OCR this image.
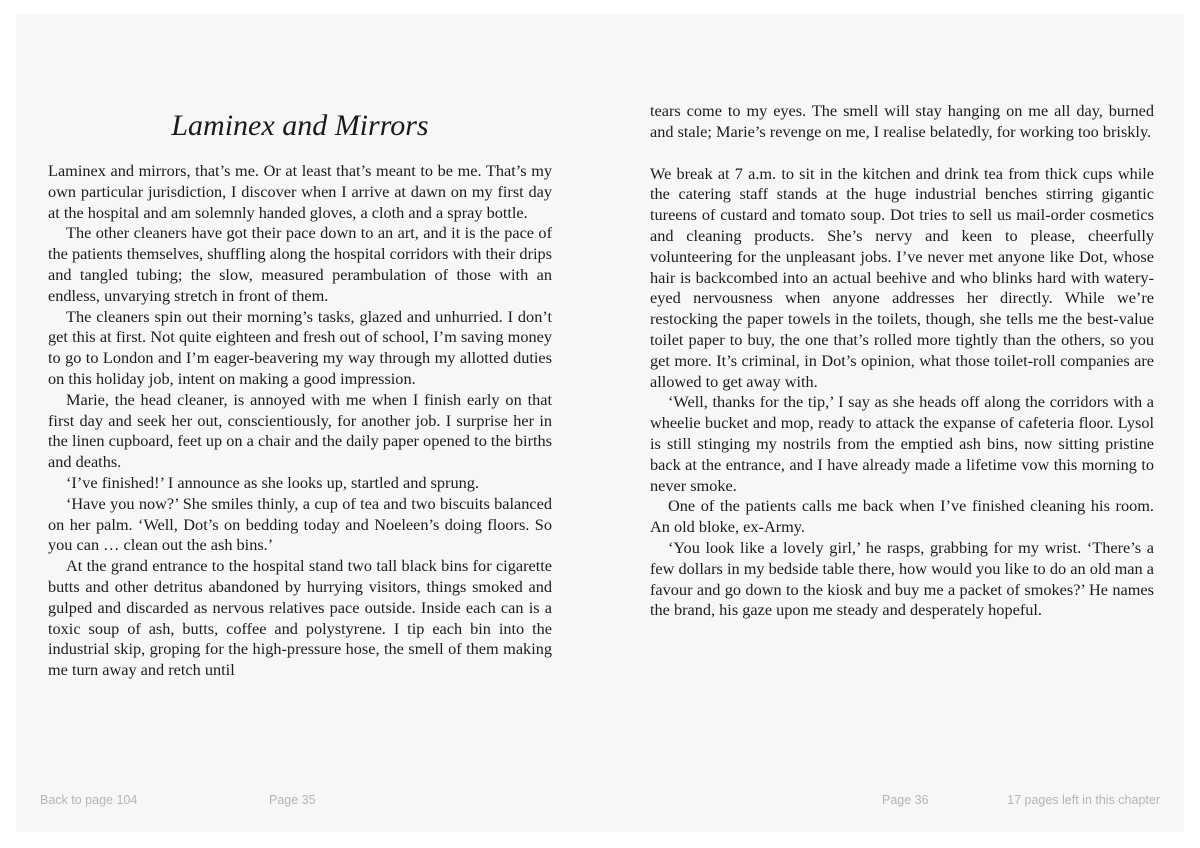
Laminex and Mirrors

Laminex and mirrors, that’s me. Or at least that’s meant to be me. That’s my own particular jurisdiction, I discover when I arrive at dawn on my first day at the hospital and am solemnly handed gloves, a cloth and a spray bottle.

The other cleaners have got their pace down to an art, and it is the pace of the patients themselves, shuffling along the hospital corridors with their drips and tangled tubing; the slow, measured perambulation of those with an endless, unvarying stretch in front of them.

The cleaners spin out their morning’s tasks, glazed and unhurried. I don’t get this at first. Not quite eighteen and fresh out of school, I’m saving money to go to London and I’m eager-beavering my way through my allotted duties on this holiday job, intent on making a good impression.

Marie, the head cleaner, is annoyed with me when I finish early on that first day and seek her out, conscientiously, for another job. I surprise her in the linen cupboard, feet up on a chair and the daily paper opened to the births and deaths.

‘I’ve finished!’ I announce as she looks up, startled and sprung.

‘Have you now?’ She smiles thinly, a cup of tea and two biscuits balanced on her palm. ‘Well, Dot’s on bedding today and Noeleen’s doing floors. So you can … clean out the ash bins.’

At the grand entrance to the hospital stand two tall black bins for cigarette butts and other detritus abandoned by hurrying visitors, things smoked and gulped and discarded as nervous relatives pace outside. Inside each can is a toxic soup of ash, butts, coffee and polystyrene. I tip each bin into the industrial skip, groping for the high-pressure hose, the smell of them making me turn away and retch until

tears come to my eyes. The smell will stay hanging on me all day, burned and stale; Marie’s revenge on me, I realise belatedly, for working too briskly.

We break at 7 a.m. to sit in the kitchen and drink tea from thick cups while the catering staff stands at the huge industrial benches stirring gigantic tureens of custard and tomato soup. Dot tries to sell us mail-order cosmetics and cleaning products. She’s nervy and keen to please, cheerfully volunteering for the unpleasant jobs. I’ve never met anyone like Dot, whose hair is backcombed into an actual beehive and who blinks hard with watery-eyed nervousness when anyone addresses her directly. While we’re restocking the paper towels in the toilets, though, she tells me the best-value toilet paper to buy, the one that’s rolled more tightly than the others, so you get more. It’s criminal, in Dot’s opinion, what those toilet-roll companies are allowed to get away with.

‘Well, thanks for the tip,’ I say as she heads off along the corridors with a wheelie bucket and mop, ready to attack the expanse of cafeteria floor. Lysol is still stinging my nostrils from the emptied ash bins, now sitting pristine back at the entrance, and I have already made a lifetime vow this morning to never smoke.

One of the patients calls me back when I’ve finished cleaning his room. An old bloke, ex-Army.

‘You look like a lovely girl,’ he rasps, grabbing for my wrist. ‘There’s a few dollars in my bedside table there, how would you like to do an old man a favour and go down to the kiosk and buy me a packet of smokes?’ He names the brand, his gaze upon me steady and desperately hopeful.

Back to page 104	Page 35	Page 36	17 pages left in this chapter
